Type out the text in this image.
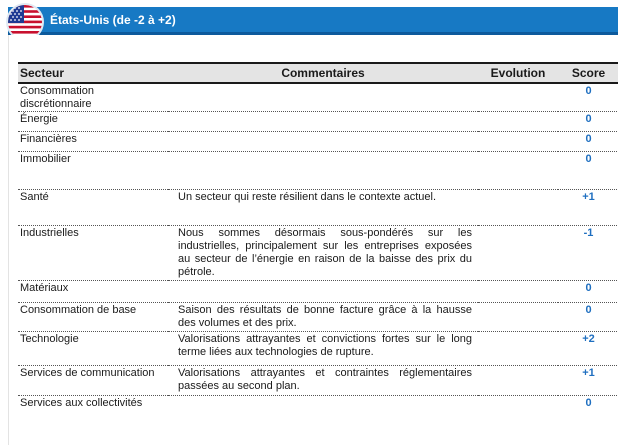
États-Unis (de -2 à +2)
Secteur	Commentaires	Evolution	Score
Consommation discrétionnaire			0
Énergie			0
Financières			0
Immobilier			0
Santé	Un secteur qui reste résilient dans le contexte actuel.		+1
Industrielles	Nous sommes désormais sous-pondérés sur les industrielles, principalement sur les entreprises exposées au secteur de l’énergie en raison de la baisse des prix du pétrole.		-1
Matériaux			0
Consommation de base	Saison des résultats de bonne facture grâce à la hausse des volumes et des prix.		0
Technologie	Valorisations attrayantes et convictions fortes sur le long terme liées aux technologies de rupture.		+2
Services de communication	Valorisations attrayantes et contraintes réglementaires passées au second plan.		+1
Services aux collectivités			0
